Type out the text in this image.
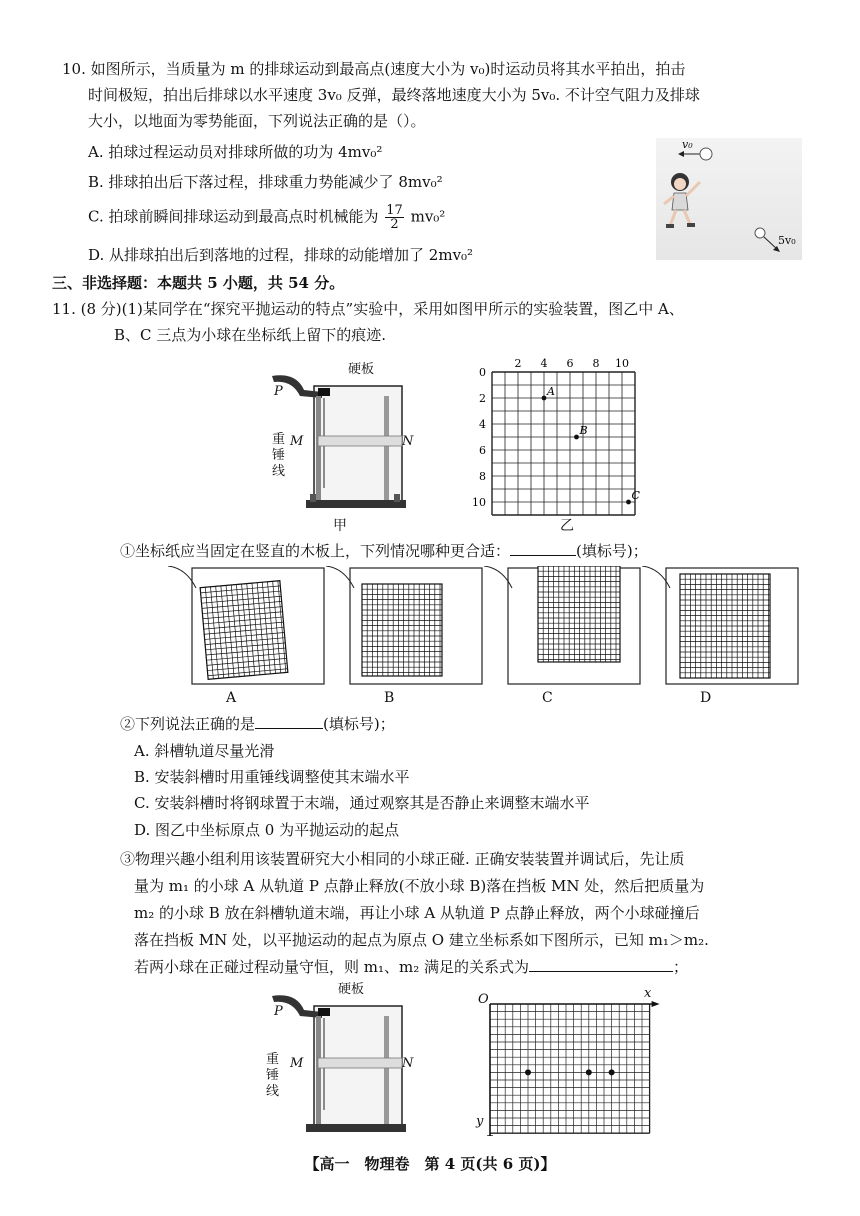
10. 如图所示，当质量为 m 的排球运动到最高点(速度大小为 v₀)时运动员将其水平拍出，拍击
时间极短，拍出后排球以水平速度 3v₀ 反弹，最终落地速度大小为 5v₀. 不计空气阻力及排球
大小，以地面为零势能面，下列说法正确的是（）。
A. 拍球过程运动员对排球所做的功为 4mv₀²
B. 排球拍出后下落过程，排球重力势能减少了 8mv₀²
C. 拍球前瞬间排球运动到最高点时机械能为 $\frac{17}{2} mv_0^2$
D. 从排球拍出后到落地的过程，排球的动能增加了 2mv₀²
v₀
5v₀
三、非选择题：本题共 5 小题，共 54 分。
11. (8 分)(1)某同学在“探究平抛运动的特点”实验中，采用如图甲所示的实验装置，图乙中 A、
B、C 三点为小球在坐标纸上留下的痕迹.
硬板
P
M	N
重
锤
线
甲
2 4 6 8 10
0
2
4
6
8
10
A
B
C
乙
①坐标纸应当固定在竖直的木板上，下列情况哪种更合适：	(填标号)；
A	B	C	D
②下列说法正确的是	(填标号)；
A. 斜槽轨道尽量光滑
B. 安装斜槽时用重锤线调整使其末端水平
C. 安装斜槽时将钢球置于末端，通过观察其是否静止来调整末端水平
D. 图乙中坐标原点 0 为平抛运动的起点
③物理兴趣小组利用该装置研究大小相同的小球正碰. 正确安装装置并调试后，先让质
量为 m₁ 的小球 A 从轨道 P 点静止释放(不放小球 B)落在挡板 MN 处，然后把质量为
m₂ 的小球 B 放在斜槽轨道末端，再让小球 A 从轨道 P 点静止释放，两个小球碰撞后
落在挡板 MN 处，以平抛运动的起点为原点 O 建立坐标系如下图所示，已知 m₁＞m₂.
若两小球在正碰过程动量守恒，则 m₁、m₂ 满足的关系式为	；
硬板
P
M	N
重
锤
线
O	x
y
【高一　物理卷　第 4 页(共 6 页)】
